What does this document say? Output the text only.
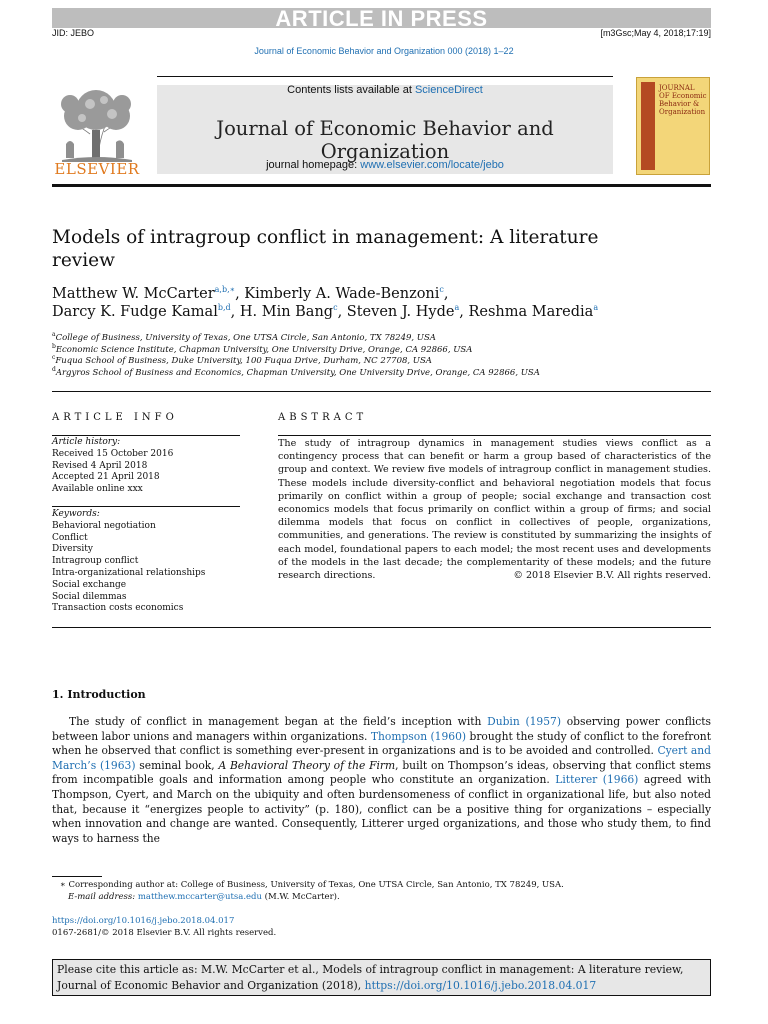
ARTICLE IN PRESS
JID: JEBO	[m3Gsc;May 4, 2018;17:19]
Journal of Economic Behavior and Organization 000 (2018) 1–22
ELSEVIER
Contents lists available at ScienceDirect
Journal of Economic Behavior and Organization
journal homepage: www.elsevier.com/locate/jebo
JOURNAL OF Economic Behavior & Organization
Models of intragroup conflict in management: A literature review
Matthew W. McCarter$^{a,b,∗}$, Kimberly A. Wade-Benzoni$^c$,
Darcy K. Fudge Kamal$^{b,d}$, H. Min Bang$^c$, Steven J. Hyde$^a$, Reshma Maredia$^a$
$^a$College of Business, University of Texas, One UTSA Circle, San Antonio, TX 78249, USA
$^b$Economic Science Institute, Chapman University, One University Drive, Orange, CA 92866, USA
$^c$Fuqua School of Business, Duke University, 100 Fuqua Drive, Durham, NC 27708, USA
$^d$Argyros School of Business and Economics, Chapman University, One University Drive, Orange, CA 92866, USA
ARTICLE INFO
Article history:
Received 15 October 2016
Revised 4 April 2018
Accepted 21 April 2018
Available online xxx
Keywords:
Behavioral negotiation
Conflict
Diversity
Intragroup conflict
Intra-organizational relationships
Social exchange
Social dilemmas
Transaction costs economics
ABSTRACT
The study of intragroup dynamics in management studies views conflict as a contingency process that can benefit or harm a group based of characteristics of the group and context. We review five models of intragroup conflict in management studies. These models include diversity-conflict and behavioral negotiation models that focus primarily on conflict within a group of people; social exchange and transaction cost economics models that focus primarily on conflict within a group of firms; and social dilemma models that focus on conflict in collectives of people, organizations, communities, and generations. The review is constituted by summarizing the insights of each model, foundational papers to each model; the most recent uses and developments of the models in the last decade; the complementarity of these models; and the future research directions.	© 2018 Elsevier B.V. All rights reserved.
1. Introduction
The study of conflict in management began at the field’s inception with Dubin (1957) observing power conflicts between labor unions and managers within organizations. Thompson (1960) brought the study of conflict to the forefront when he observed that conflict is something ever-present in organizations and is to be avoided and controlled. Cyert and March’s (1963) seminal book, A Behavioral Theory of the Firm, built on Thompson’s ideas, observing that conflict stems from incompatible goals and information among people who constitute an organization. Litterer (1966) agreed with Thompson, Cyert, and March on the ubiquity and often burdensomeness of conflict in organizational life, but also noted that, because it “energizes people to activity” (p. 180), conflict can be a positive thing for organizations – especially when innovation and change are wanted. Consequently, Litterer urged organizations, and those who study them, to find ways to harness the
∗ Corresponding author at: College of Business, University of Texas, One UTSA Circle, San Antonio, TX 78249, USA.
E-mail address: matthew.mccarter@utsa.edu (M.W. McCarter).
https://doi.org/10.1016/j.jebo.2018.04.017
0167-2681/© 2018 Elsevier B.V. All rights reserved.
Please cite this article as: M.W. McCarter et al., Models of intragroup conflict in management: A literature review, Journal of Economic Behavior and Organization (2018), https://doi.org/10.1016/j.jebo.2018.04.017
